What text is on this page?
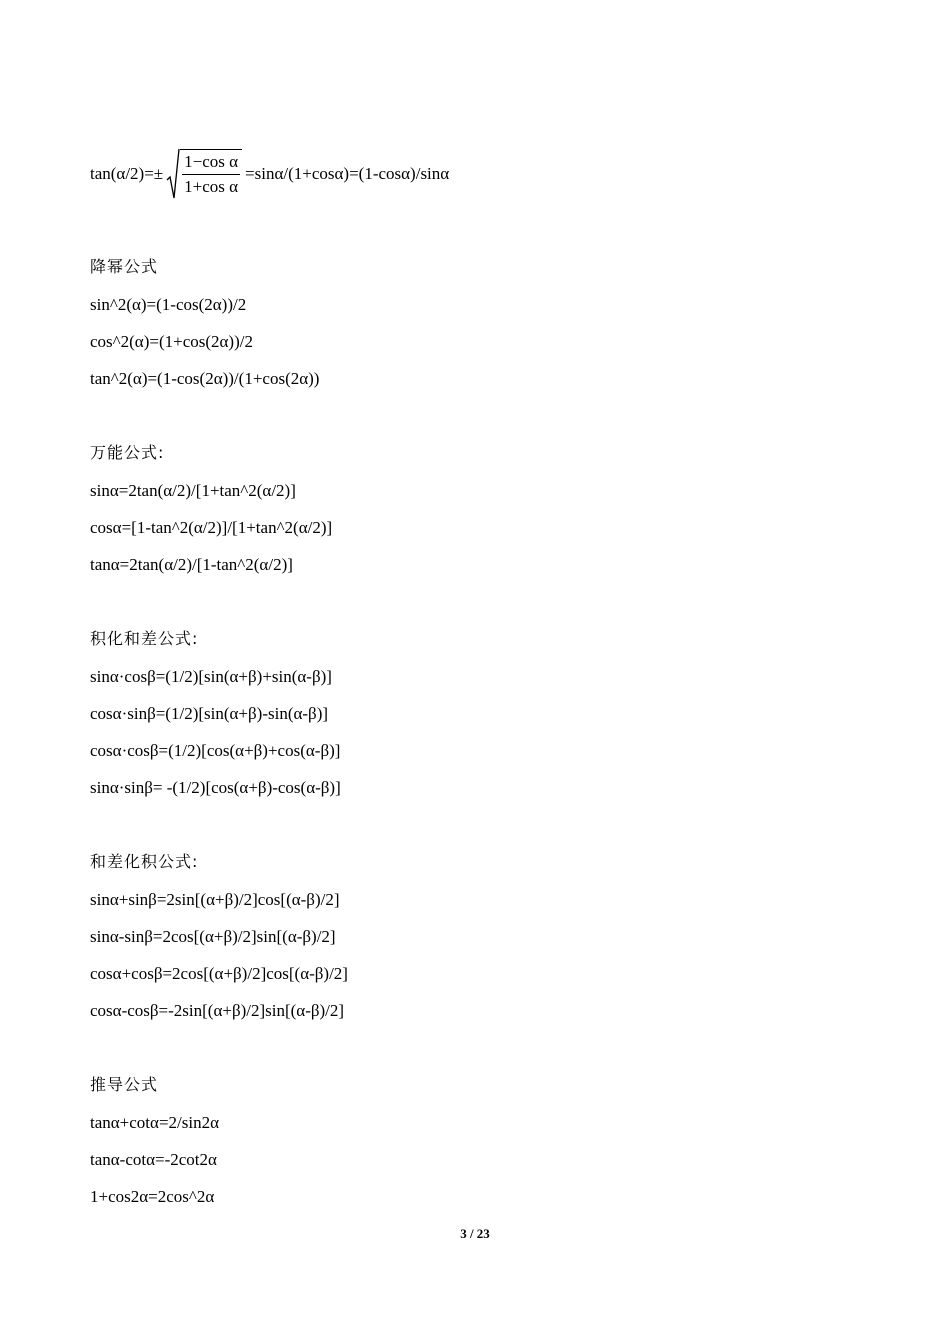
$\tan(\alpha/2)=\pm \frac{\text{1−cos α}}{\text{1+cos α}} =\sin\alpha/(1+\cos\alpha)=(1-\cos\alpha)/\sin\alpha$
降幂公式
sin^2(α)=(1-cos(2α))/2
cos^2(α)=(1+cos(2α))/2
tan^2(α)=(1-cos(2α))/(1+cos(2α))
万能公式:
sinα=2tan(α/2)/[1+tan^2(α/2)]
cosα=[1-tan^2(α/2)]/[1+tan^2(α/2)]
tanα=2tan(α/2)/[1-tan^2(α/2)]
积化和差公式:
sinα·cosβ=(1/2)[sin(α+β)+sin(α-β)]
cosα·sinβ=(1/2)[sin(α+β)-sin(α-β)]
cosα·cosβ=(1/2)[cos(α+β)+cos(α-β)]
sinα·sinβ= -(1/2)[cos(α+β)-cos(α-β)]
和差化积公式:
sinα+sinβ=2sin[(α+β)/2]cos[(α-β)/2]
sinα-sinβ=2cos[(α+β)/2]sin[(α-β)/2]
cosα+cosβ=2cos[(α+β)/2]cos[(α-β)/2]
cosα-cosβ=-2sin[(α+β)/2]sin[(α-β)/2]
推导公式
tanα+cotα=2/sin2α
tanα-cotα=-2cot2α
1+cos2α=2cos^2α
3 / 23
